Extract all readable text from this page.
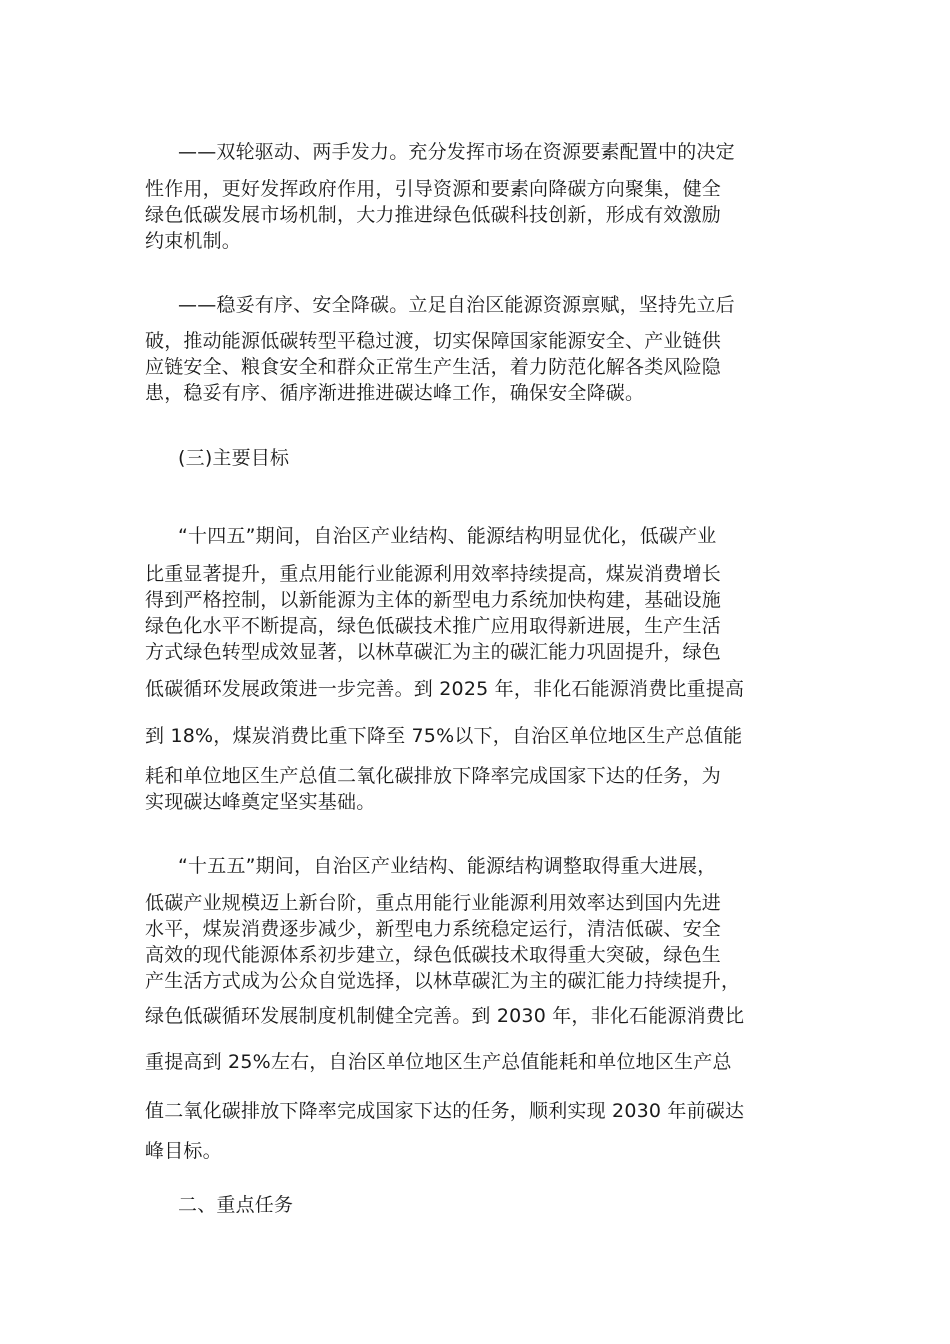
——双轮驱动、两手发力。充分发挥市场在资源要素配置中的决定
性作用，更好发挥政府作用，引导资源和要素向降碳方向聚集，健全
绿色低碳发展市场机制，大力推进绿色低碳科技创新，形成有效激励
约束机制。
——稳妥有序、安全降碳。立足自治区能源资源禀赋，坚持先立后
破，推动能源低碳转型平稳过渡，切实保障国家能源安全、产业链供
应链安全、粮食安全和群众正常生产生活，着力防范化解各类风险隐
患，稳妥有序、循序渐进推进碳达峰工作，确保安全降碳。
(三)主要目标
“十四五”期间，自治区产业结构、能源结构明显优化，低碳产业
比重显著提升，重点用能行业能源利用效率持续提高，煤炭消费增长
得到严格控制，以新能源为主体的新型电力系统加快构建，基础设施
绿色化水平不断提高，绿色低碳技术推广应用取得新进展，生产生活
方式绿色转型成效显著，以林草碳汇为主的碳汇能力巩固提升，绿色
低碳循环发展政策进一步完善。到 2025 年，非化石能源消费比重提高
到 18%，煤炭消费比重下降至 75%以下，自治区单位地区生产总值能
耗和单位地区生产总值二氧化碳排放下降率完成国家下达的任务，为
实现碳达峰奠定坚实基础。
“十五五”期间，自治区产业结构、能源结构调整取得重大进展，
低碳产业规模迈上新台阶，重点用能行业能源利用效率达到国内先进
水平，煤炭消费逐步减少，新型电力系统稳定运行，清洁低碳、安全
高效的现代能源体系初步建立，绿色低碳技术取得重大突破，绿色生
产生活方式成为公众自觉选择，以林草碳汇为主的碳汇能力持续提升，
绿色低碳循环发展制度机制健全完善。到 2030 年，非化石能源消费比
重提高到 25%左右，自治区单位地区生产总值能耗和单位地区生产总
值二氧化碳排放下降率完成国家下达的任务，顺利实现 2030 年前碳达
峰目标。
二、重点任务
